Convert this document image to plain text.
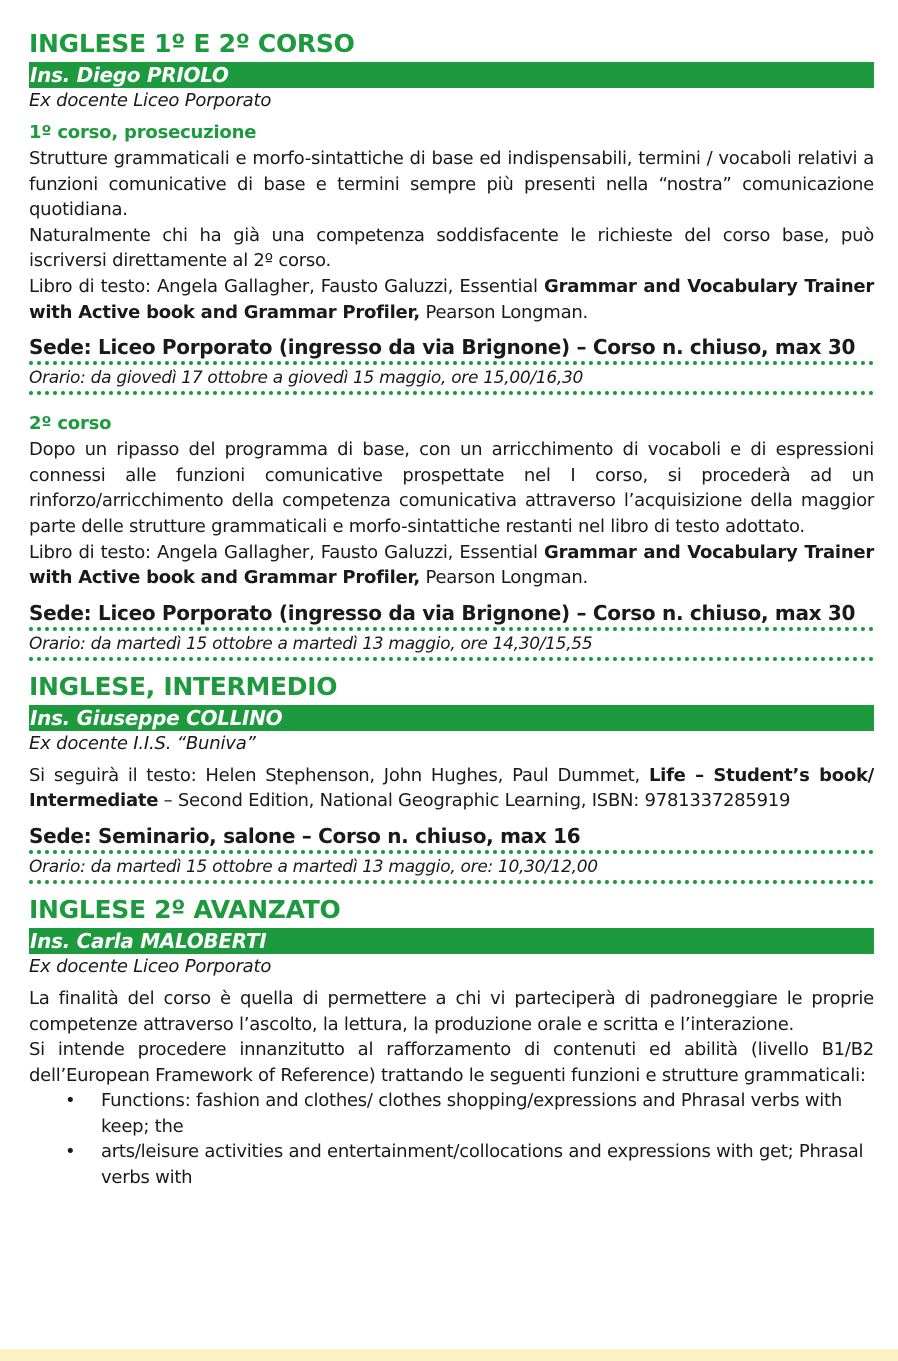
INGLESE 1º E 2º CORSO
Ins. Diego PRIOLO
Ex docente Liceo Porporato
1º corso, prosecuzione

Strutture grammaticali e morfo-sintattiche di base ed indispensabili, termini / vocaboli relativi a funzioni comunicative di base e termini sempre più presenti nella “nostra” comunicazione quotidiana.

Naturalmente chi ha già una competenza soddisfacente le richieste del corso base, può iscriversi direttamente al 2º corso.

Libro di testo: Angela Gallagher, Fausto Galuzzi, Essential Grammar and Vocabulary Trainer with Active book and Grammar Profiler, Pearson Longman.

Sede: Liceo Porporato (ingresso da via Brignone) – Corso n. chiuso, max 30
Orario: da giovedì 17 ottobre a giovedì 15 maggio, ore 15,00/16,30
2º corso

Dopo un ripasso del programma di base, con un arricchimento di vocaboli e di espressioni connessi alle funzioni comunicative prospettate nel I corso, si procederà ad un rinforzo/arricchimento della competenza comunicativa attraverso l’acquisizione della maggior parte delle strutture grammaticali e morfo-sintattiche restanti nel libro di testo adottato.

Libro di testo: Angela Gallagher, Fausto Galuzzi, Essential Grammar and Vocabulary Trainer with Active book and Grammar Profiler, Pearson Longman.

Sede: Liceo Porporato (ingresso da via Brignone) – Corso n. chiuso, max 30
Orario: da martedì 15 ottobre a martedì 13 maggio, ore 14,30/15,55
INGLESE, INTERMEDIO
Ins. Giuseppe COLLINO
Ex docente I.I.S. “Buniva”

Si seguirà il testo: Helen Stephenson, John Hughes, Paul Dummet, Life – Student’s book/ Intermediate – Second Edition, National Geographic Learning, ISBN: 9781337285919

Sede: Seminario, salone – Corso n. chiuso, max 16
Orario: da martedì 15 ottobre a martedì 13 maggio, ore: 10,30/12,00
INGLESE 2º AVANZATO
Ins. Carla MALOBERTI
Ex docente Liceo Porporato

La finalità del corso è quella di permettere a chi vi parteciperà di padroneggiare le proprie competenze attraverso l’ascolto, la lettura, la produzione orale e scritta e l’interazione.

Si intende procedere innanzitutto al rafforzamento di contenuti ed abilità (livello B1/B2 dell’European Framework of Reference) trattando le seguenti funzioni e strutture grammaticali:

• Functions: fashion and clothes/ clothes shopping/expressions and Phrasal verbs with keep; the
• arts/leisure activities and entertainment/collocations and expressions with get; Phrasal verbs with
